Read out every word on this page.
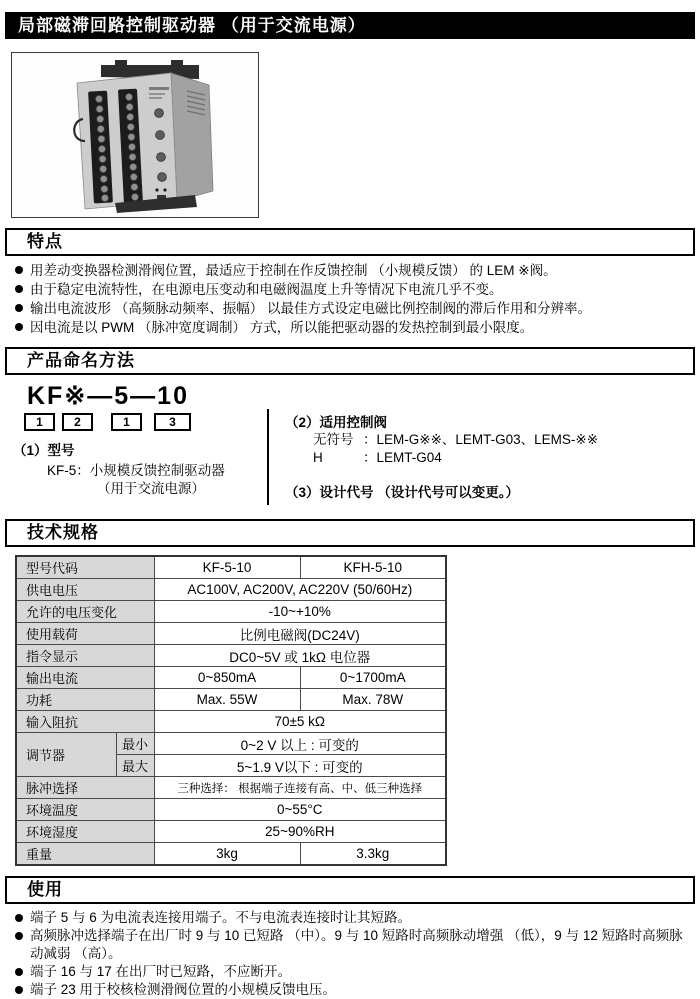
局部磁滞回路控制驱动器 （用于交流电源）
特点
用差动变换器检测滑阀位置，最适应于控制在作反馈控制 （小规模反馈） 的 LEM ※阀。
由于稳定电流特性，在电源电压变动和电磁阀温度上升等情况下电流几乎不变。
输出电流波形 （高频脉动频率、振幅） 以最佳方式设定电磁比例控制阀的滞后作用和分辨率。
因电流是以 PWM （脉冲宽度调制） 方式，所以能把驱动器的发热控制到最小限度。
产品命名方法
KF※—5—10
1	2	1	3
（1）型号
KF-5：小规模反馈控制驱动器
（用于交流电源）
（2）适用控制阀
无符号 ： LEM-G※※、LEMT-G03、LEMS-※※
H	： LEMT-G04
（3）设计代号 （设计代号可以变更。）
技术规格
型号代码		KF-5-10	KFH-5-10
供电电压		AC100V, AC200V, AC220V (50/60Hz)	
允许的电压变化		-10~+10%	
使用载荷		比例电磁阀(DC24V)	
指令显示		DC0~5V 或 1kΩ 电位器	
输出电流		0~850mA	0~1700mA
功耗		Max. 55W	Max. 78W
输入阻抗		70±5 kΩ	
调节器	最小	0~2 V 以上 : 可变的	
	最大	5~1.9 V以下 : 可变的	
脉冲选择		三种选择： 根据端子连接有高、中、低三种选择	
环境温度		0~55°C	
环境湿度		25~90%RH	
重量		3kg	3.3kg
使用
端子 5 与 6 为电流表连接用端子。不与电流表连接时让其短路。
高频脉冲选择端子在出厂时 9 与 10 已短路 （中）。9 与 10 短路时高频脉动增强 （低），9 与 12 短路时高频脉动减弱 （高）。
端子 16 与 17 在出厂时已短路，不应断开。
端子 23 用于校核检测滑阀位置的小规模反馈电压。
